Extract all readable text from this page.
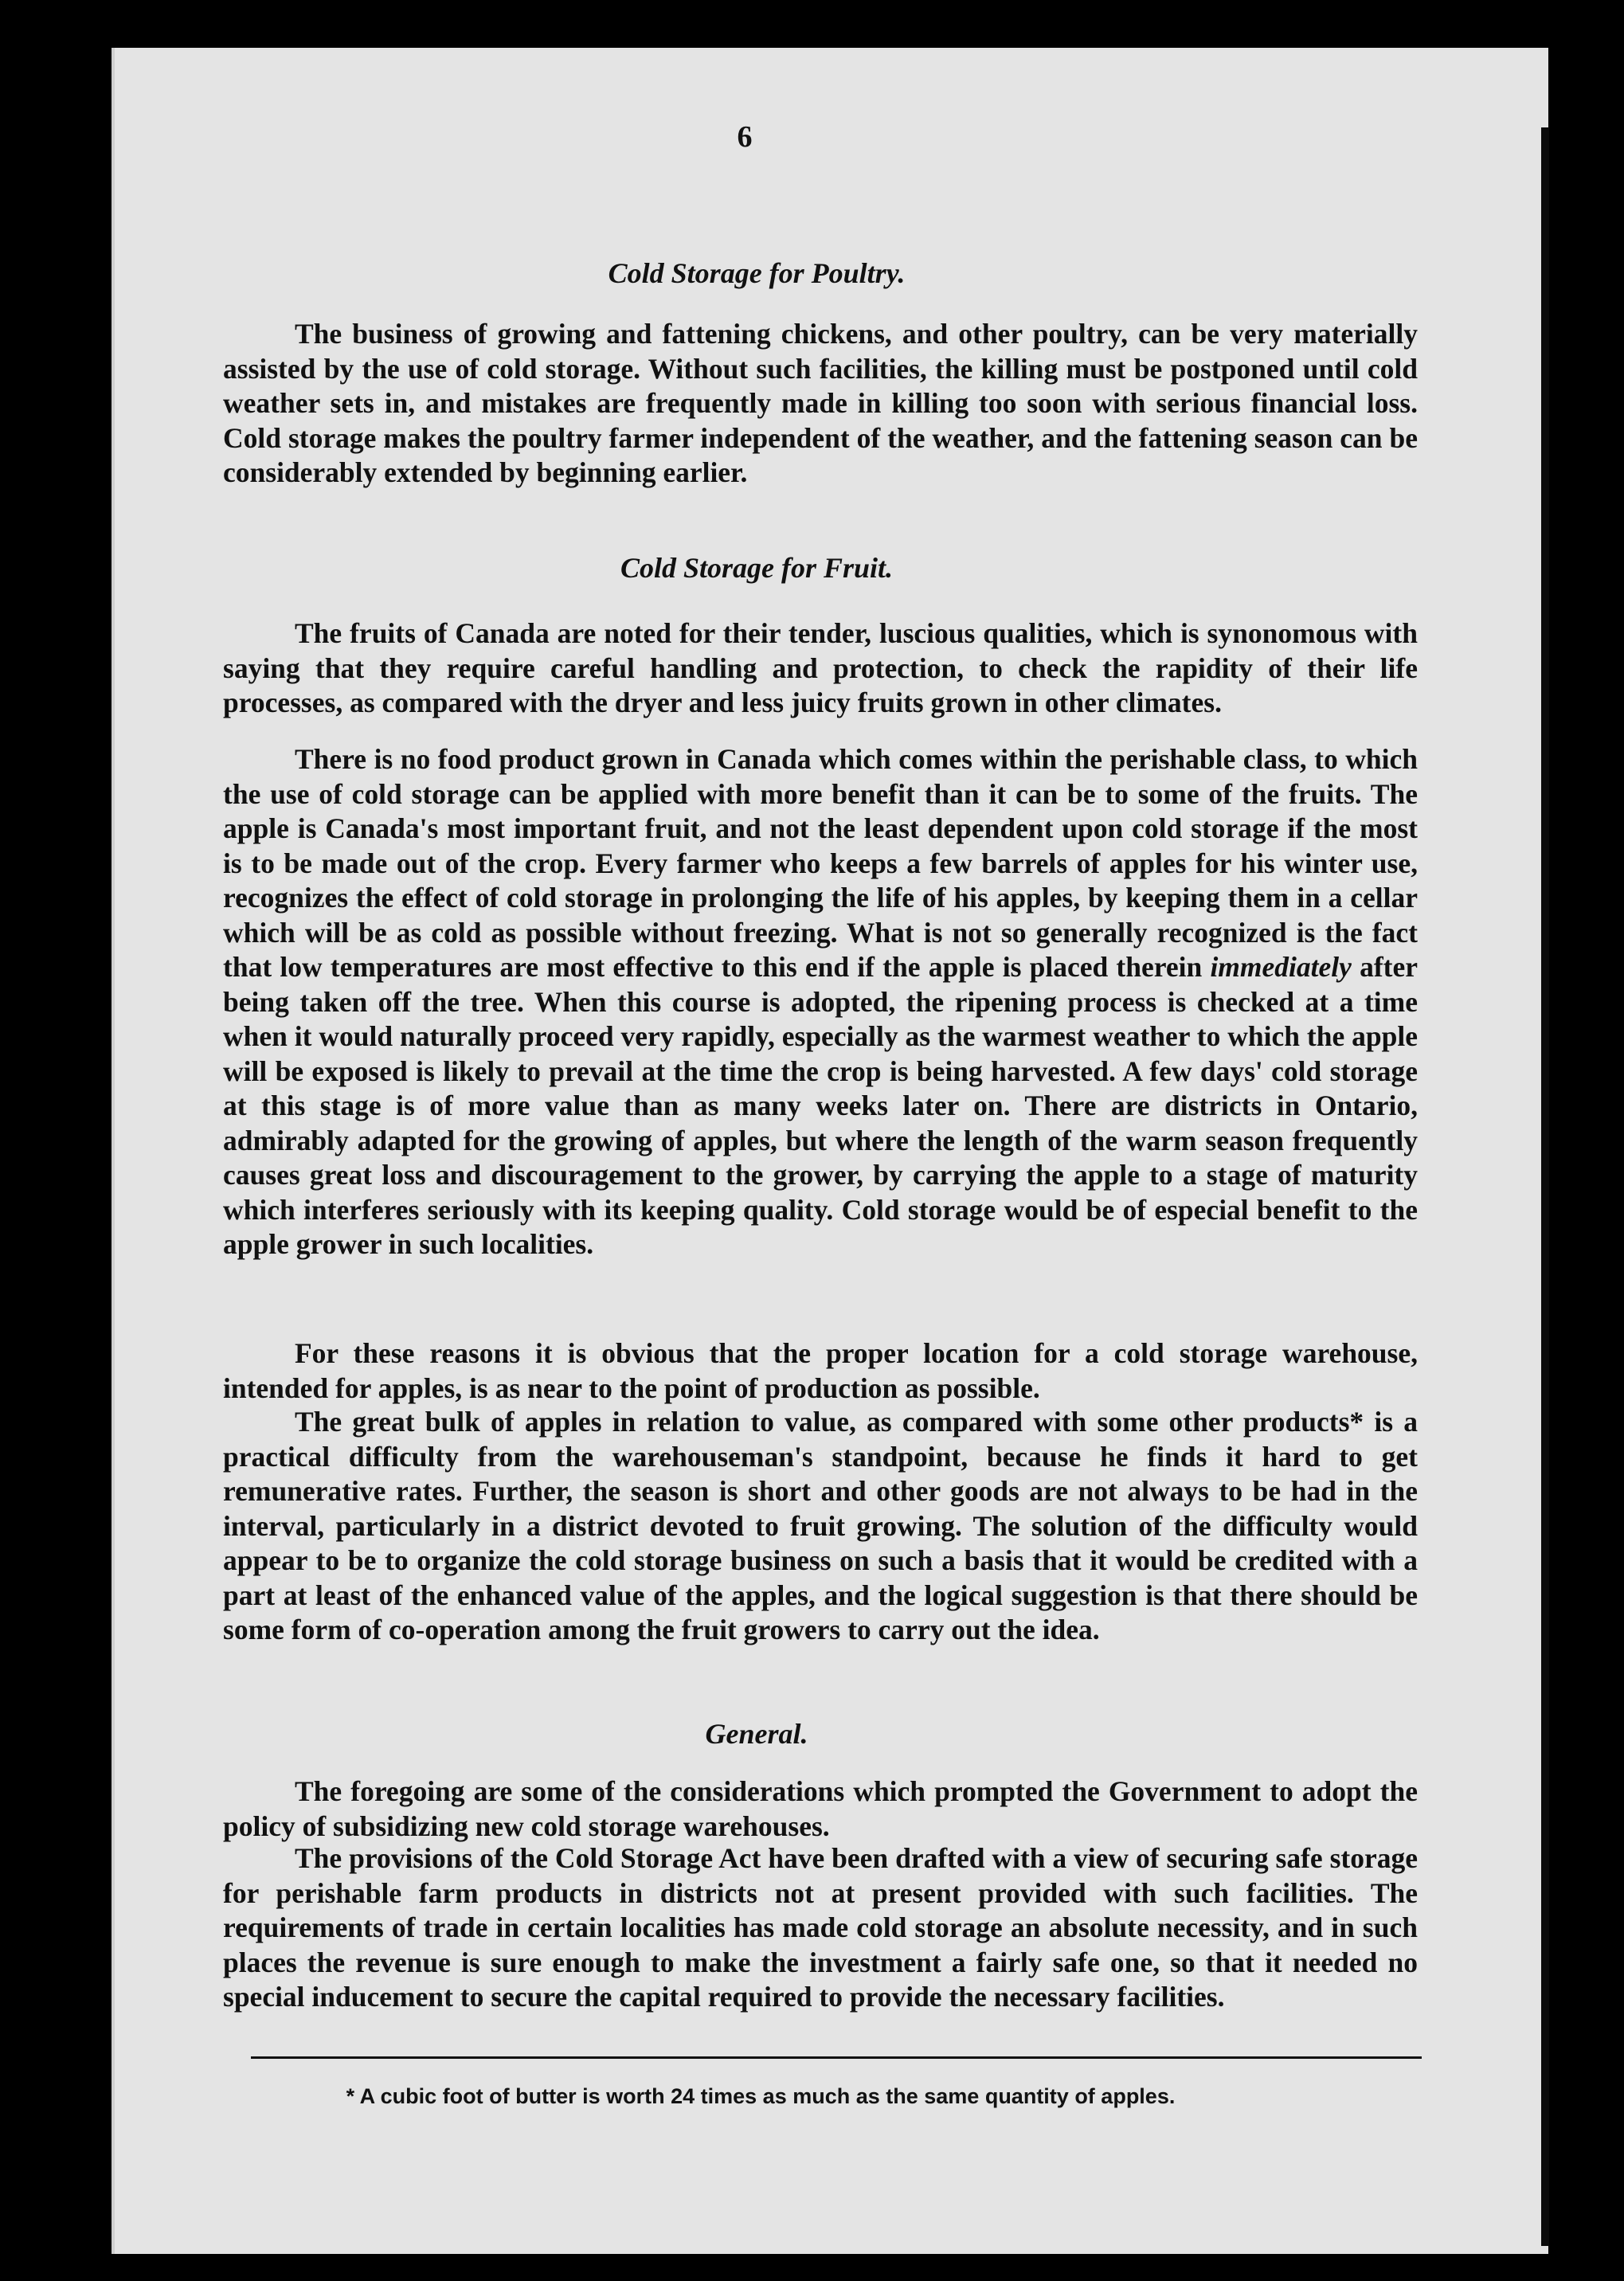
6
Cold Storage for Poultry.

The business of growing and fattening chickens, and other poultry, can be very materially assisted by the use of cold storage. Without such facilities, the killing must be postponed until cold weather sets in, and mistakes are frequently made in killing too soon with serious financial loss. Cold storage makes the poultry farmer independent of the weather, and the fattening season can be considerably extended by beginning earlier.

Cold Storage for Fruit.

The fruits of Canada are noted for their tender, luscious qualities, which is synonomous with saying that they require careful handling and protection, to check the rapidity of their life processes, as compared with the dryer and less juicy fruits grown in other climates.

There is no food product grown in Canada which comes within the perishable class, to which the use of cold storage can be applied with more benefit than it can be to some of the fruits. The apple is Canada's most important fruit, and not the least dependent upon cold storage if the most is to be made out of the crop. Every farmer who keeps a few barrels of apples for his winter use, recognizes the effect of cold storage in prolonging the life of his apples, by keeping them in a cellar which will be as cold as possible without freezing. What is not so generally recognized is the fact that low temperatures are most effective to this end if the apple is placed therein immediately after being taken off the tree. When this course is adopted, the ripening process is checked at a time when it would naturally proceed very rapidly, especially as the warmest weather to which the apple will be exposed is likely to prevail at the time the crop is being harvested. A few days' cold storage at this stage is of more value than as many weeks later on. There are districts in Ontario, admirably adapted for the growing of apples, but where the length of the warm season frequently causes great loss and discouragement to the grower, by carrying the apple to a stage of maturity which interferes seriously with its keeping quality. Cold storage would be of especial benefit to the apple grower in such localities.

For these reasons it is obvious that the proper location for a cold storage warehouse, intended for apples, is as near to the point of production as possible.

The great bulk of apples in relation to value, as compared with some other products* is a practical difficulty from the warehouseman's standpoint, because he finds it hard to get remunerative rates. Further, the season is short and other goods are not always to be had in the interval, particularly in a district devoted to fruit growing. The solution of the difficulty would appear to be to organize the cold storage business on such a basis that it would be credited with a part at least of the enhanced value of the apples, and the logical suggestion is that there should be some form of co-operation among the fruit growers to carry out the idea.

General.

The foregoing are some of the considerations which prompted the Government to adopt the policy of subsidizing new cold storage warehouses.

The provisions of the Cold Storage Act have been drafted with a view of securing safe storage for perishable farm products in districts not at present provided with such facilities. The requirements of trade in certain localities has made cold storage an absolute necessity, and in such places the revenue is sure enough to make the investment a fairly safe one, so that it needed no special inducement to secure the capital required to provide the necessary facilities.

* A cubic foot of butter is worth 24 times as much as the same quantity of apples.
